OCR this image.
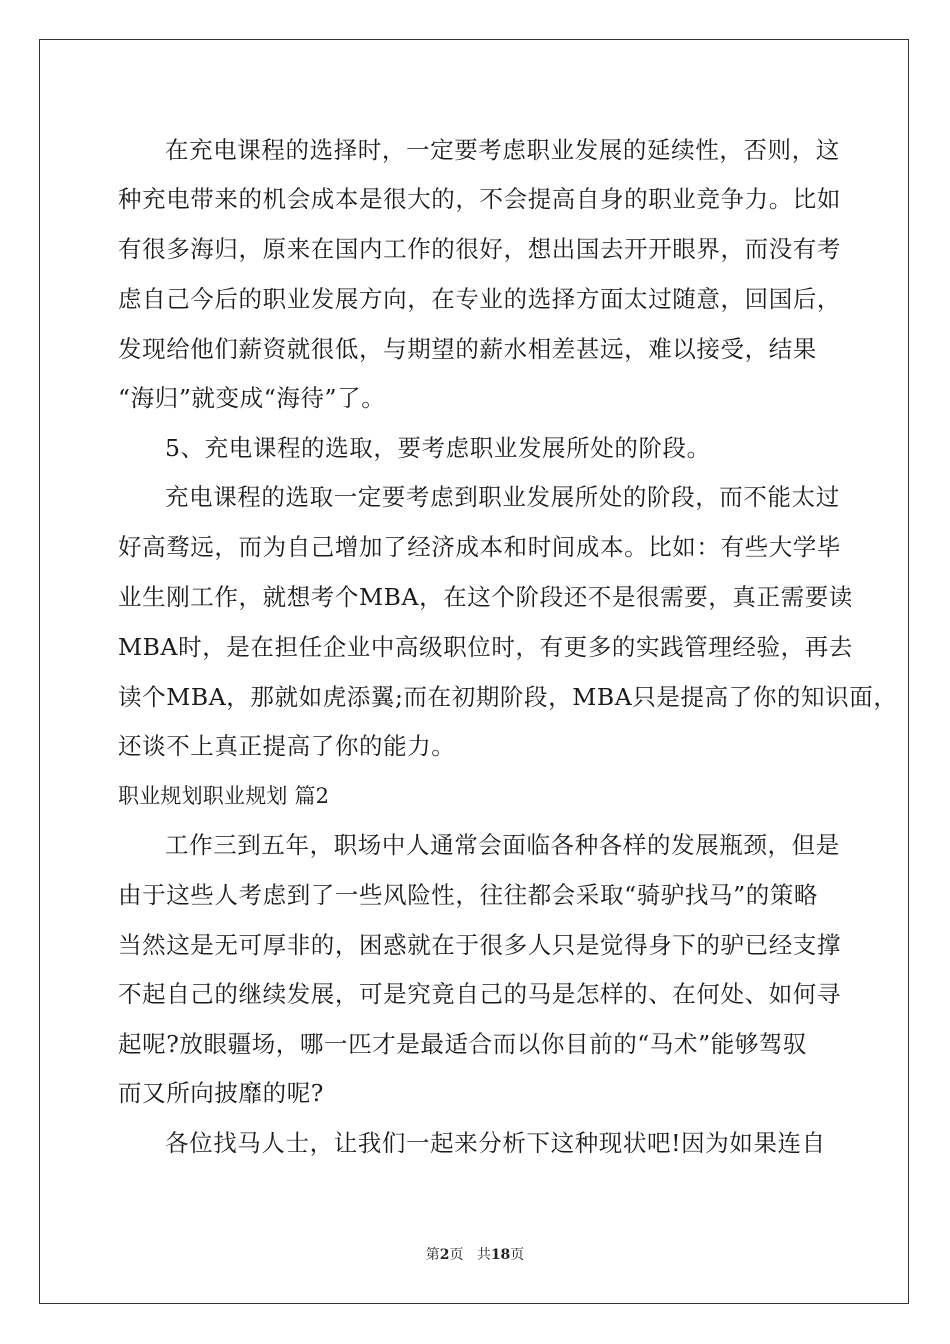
在充电课程的选择时，一定要考虑职业发展的延续性，否则，这
种充电带来的机会成本是很大的，不会提高自身的职业竞争力。比如
有很多海归，原来在国内工作的很好，想出国去开开眼界，而没有考
虑自己今后的职业发展方向，在专业的选择方面太过随意，回国后，
发现给他们薪资就很低，与期望的薪水相差甚远，难以接受，结果
“海归”就变成“海待”了。
5、充电课程的选取，要考虑职业发展所处的阶段。
充电课程的选取一定要考虑到职业发展所处的阶段，而不能太过
好高骛远，而为自己增加了经济成本和时间成本。比如：有些大学毕
业生刚工作，就想考个MBA，在这个阶段还不是很需要，真正需要读
MBA时，是在担任企业中高级职位时，有更多的实践管理经验，再去
读个MBA，那就如虎添翼;而在初期阶段，MBA只是提高了你的知识面，
还谈不上真正提高了你的能力。
职业规划职业规划 篇2
工作三到五年，职场中人通常会面临各种各样的发展瓶颈，但是
由于这些人考虑到了一些风险性，往往都会采取“骑驴找马”的策略
当然这是无可厚非的，困惑就在于很多人只是觉得身下的驴已经支撑
不起自己的继续发展，可是究竟自己的马是怎样的、在何处、如何寻
起呢?放眼疆场，哪一匹才是最适合而以你目前的“马术”能够驾驭
而又所向披靡的呢?
各位找马人士，让我们一起来分析下这种现状吧!因为如果连自
第2页 共18页
